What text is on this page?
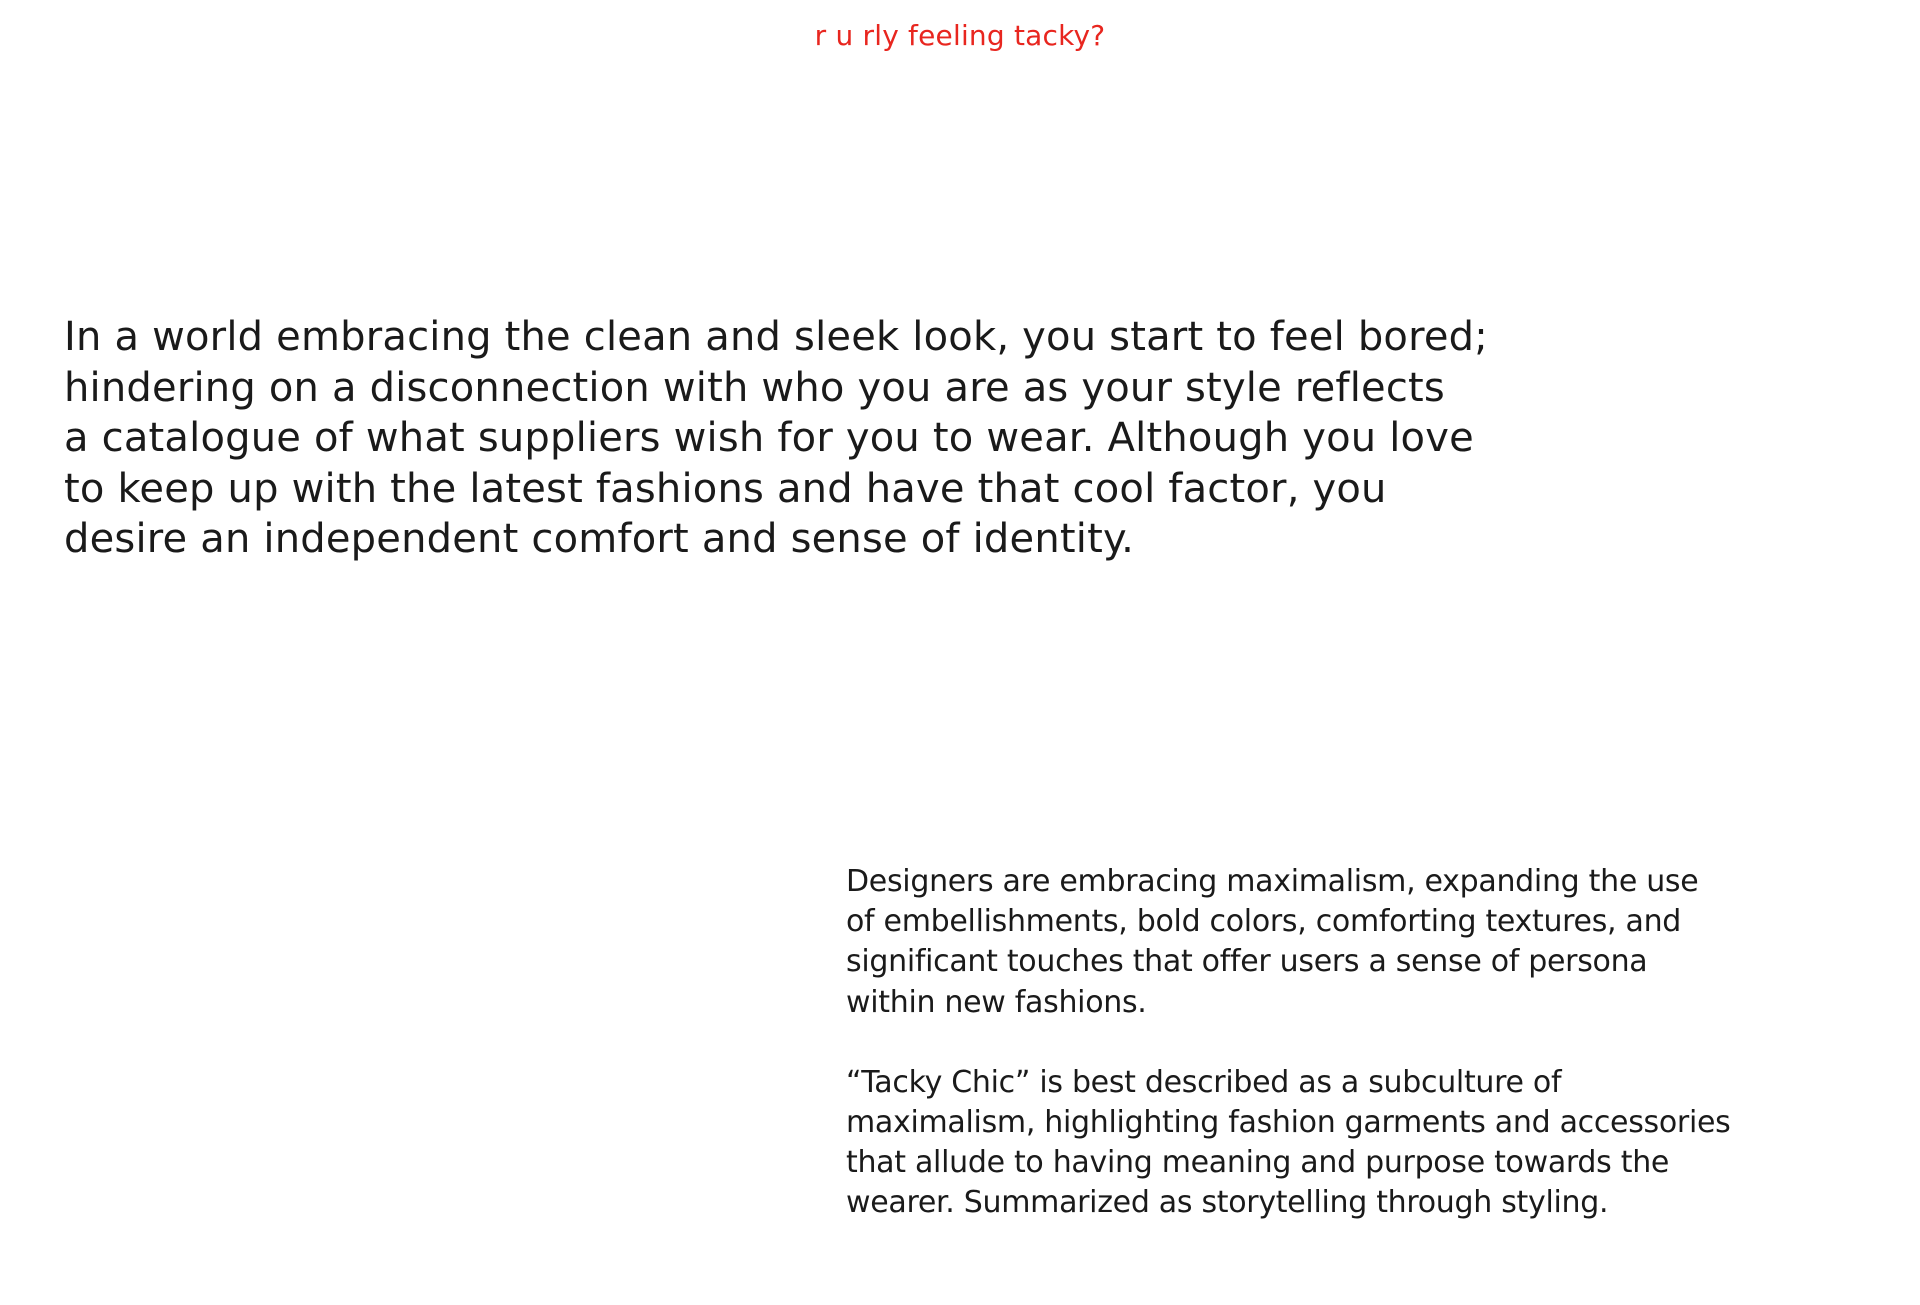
r u rly feeling tacky?
In a world embracing the clean and sleek look, you start to feel bored;
hindering on a disconnection with who you are as your style reflects
a catalogue of what suppliers wish for you to wear. Although you love
to keep up with the latest fashions and have that cool factor, you
desire an independent comfort and sense of identity.

Designers are embracing maximalism, expanding the use
of embellishments, bold colors, comforting textures, and
significant touches that offer users a sense of persona
within new fashions.

“Tacky Chic” is best described as a subculture of
maximalism, highlighting fashion garments and accessories
that allude to having meaning and purpose towards the
wearer. Summarized as storytelling through styling.
